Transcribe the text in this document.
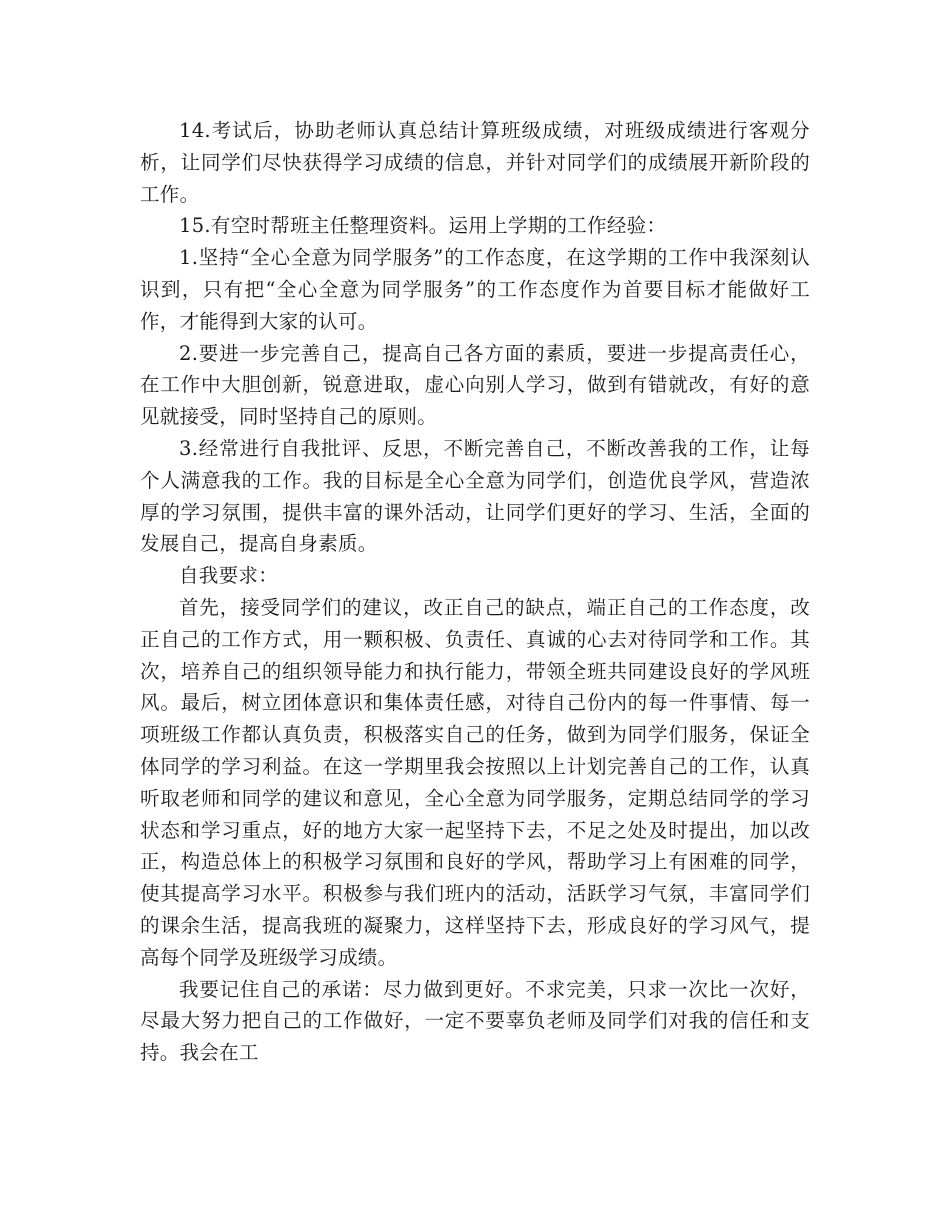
14.考试后，协助老师认真总结计算班级成绩，对班级成绩进行客观分析，让同学们尽快获得学习成绩的信息，并针对同学们的成绩展开新阶段的工作。

15.有空时帮班主任整理资料。运用上学期的工作经验：

1.坚持“全心全意为同学服务”的工作态度，在这学期的工作中我深刻认识到，只有把“全心全意为同学服务”的工作态度作为首要目标才能做好工作，才能得到大家的认可。

2.要进一步完善自己，提高自己各方面的素质，要进一步提高责任心，在工作中大胆创新，锐意进取，虚心向别人学习，做到有错就改，有好的意见就接受，同时坚持自己的原则。

3.经常进行自我批评、反思，不断完善自己，不断改善我的工作，让每个人满意我的工作。我的目标是全心全意为同学们，创造优良学风，营造浓厚的学习氛围，提供丰富的课外活动，让同学们更好的学习、生活，全面的发展自己，提高自身素质。

自我要求：

首先，接受同学们的建议，改正自己的缺点，端正自己的工作态度，改正自己的工作方式，用一颗积极、负责任、真诚的心去对待同学和工作。其次，培养自己的组织领导能力和执行能力，带领全班共同建设良好的学风班风。最后，树立团体意识和集体责任感，对待自己份内的每一件事情、每一项班级工作都认真负责，积极落实自己的任务，做到为同学们服务，保证全体同学的学习利益。在这一学期里我会按照以上计划完善自己的工作，认真听取老师和同学的建议和意见，全心全意为同学服务，定期总结同学的学习状态和学习重点，好的地方大家一起坚持下去，不足之处及时提出，加以改正，构造总体上的积极学习氛围和良好的学风，帮助学习上有困难的同学，使其提高学习水平。积极参与我们班内的活动，活跃学习气氛，丰富同学们的课余生活，提高我班的凝聚力，这样坚持下去，形成良好的学习风气，提高每个同学及班级学习成绩。

我要记住自己的承诺：尽力做到更好。不求完美，只求一次比一次好，尽最大努力把自己的工作做好，一定不要辜负老师及同学们对我的信任和支持。我会在工
